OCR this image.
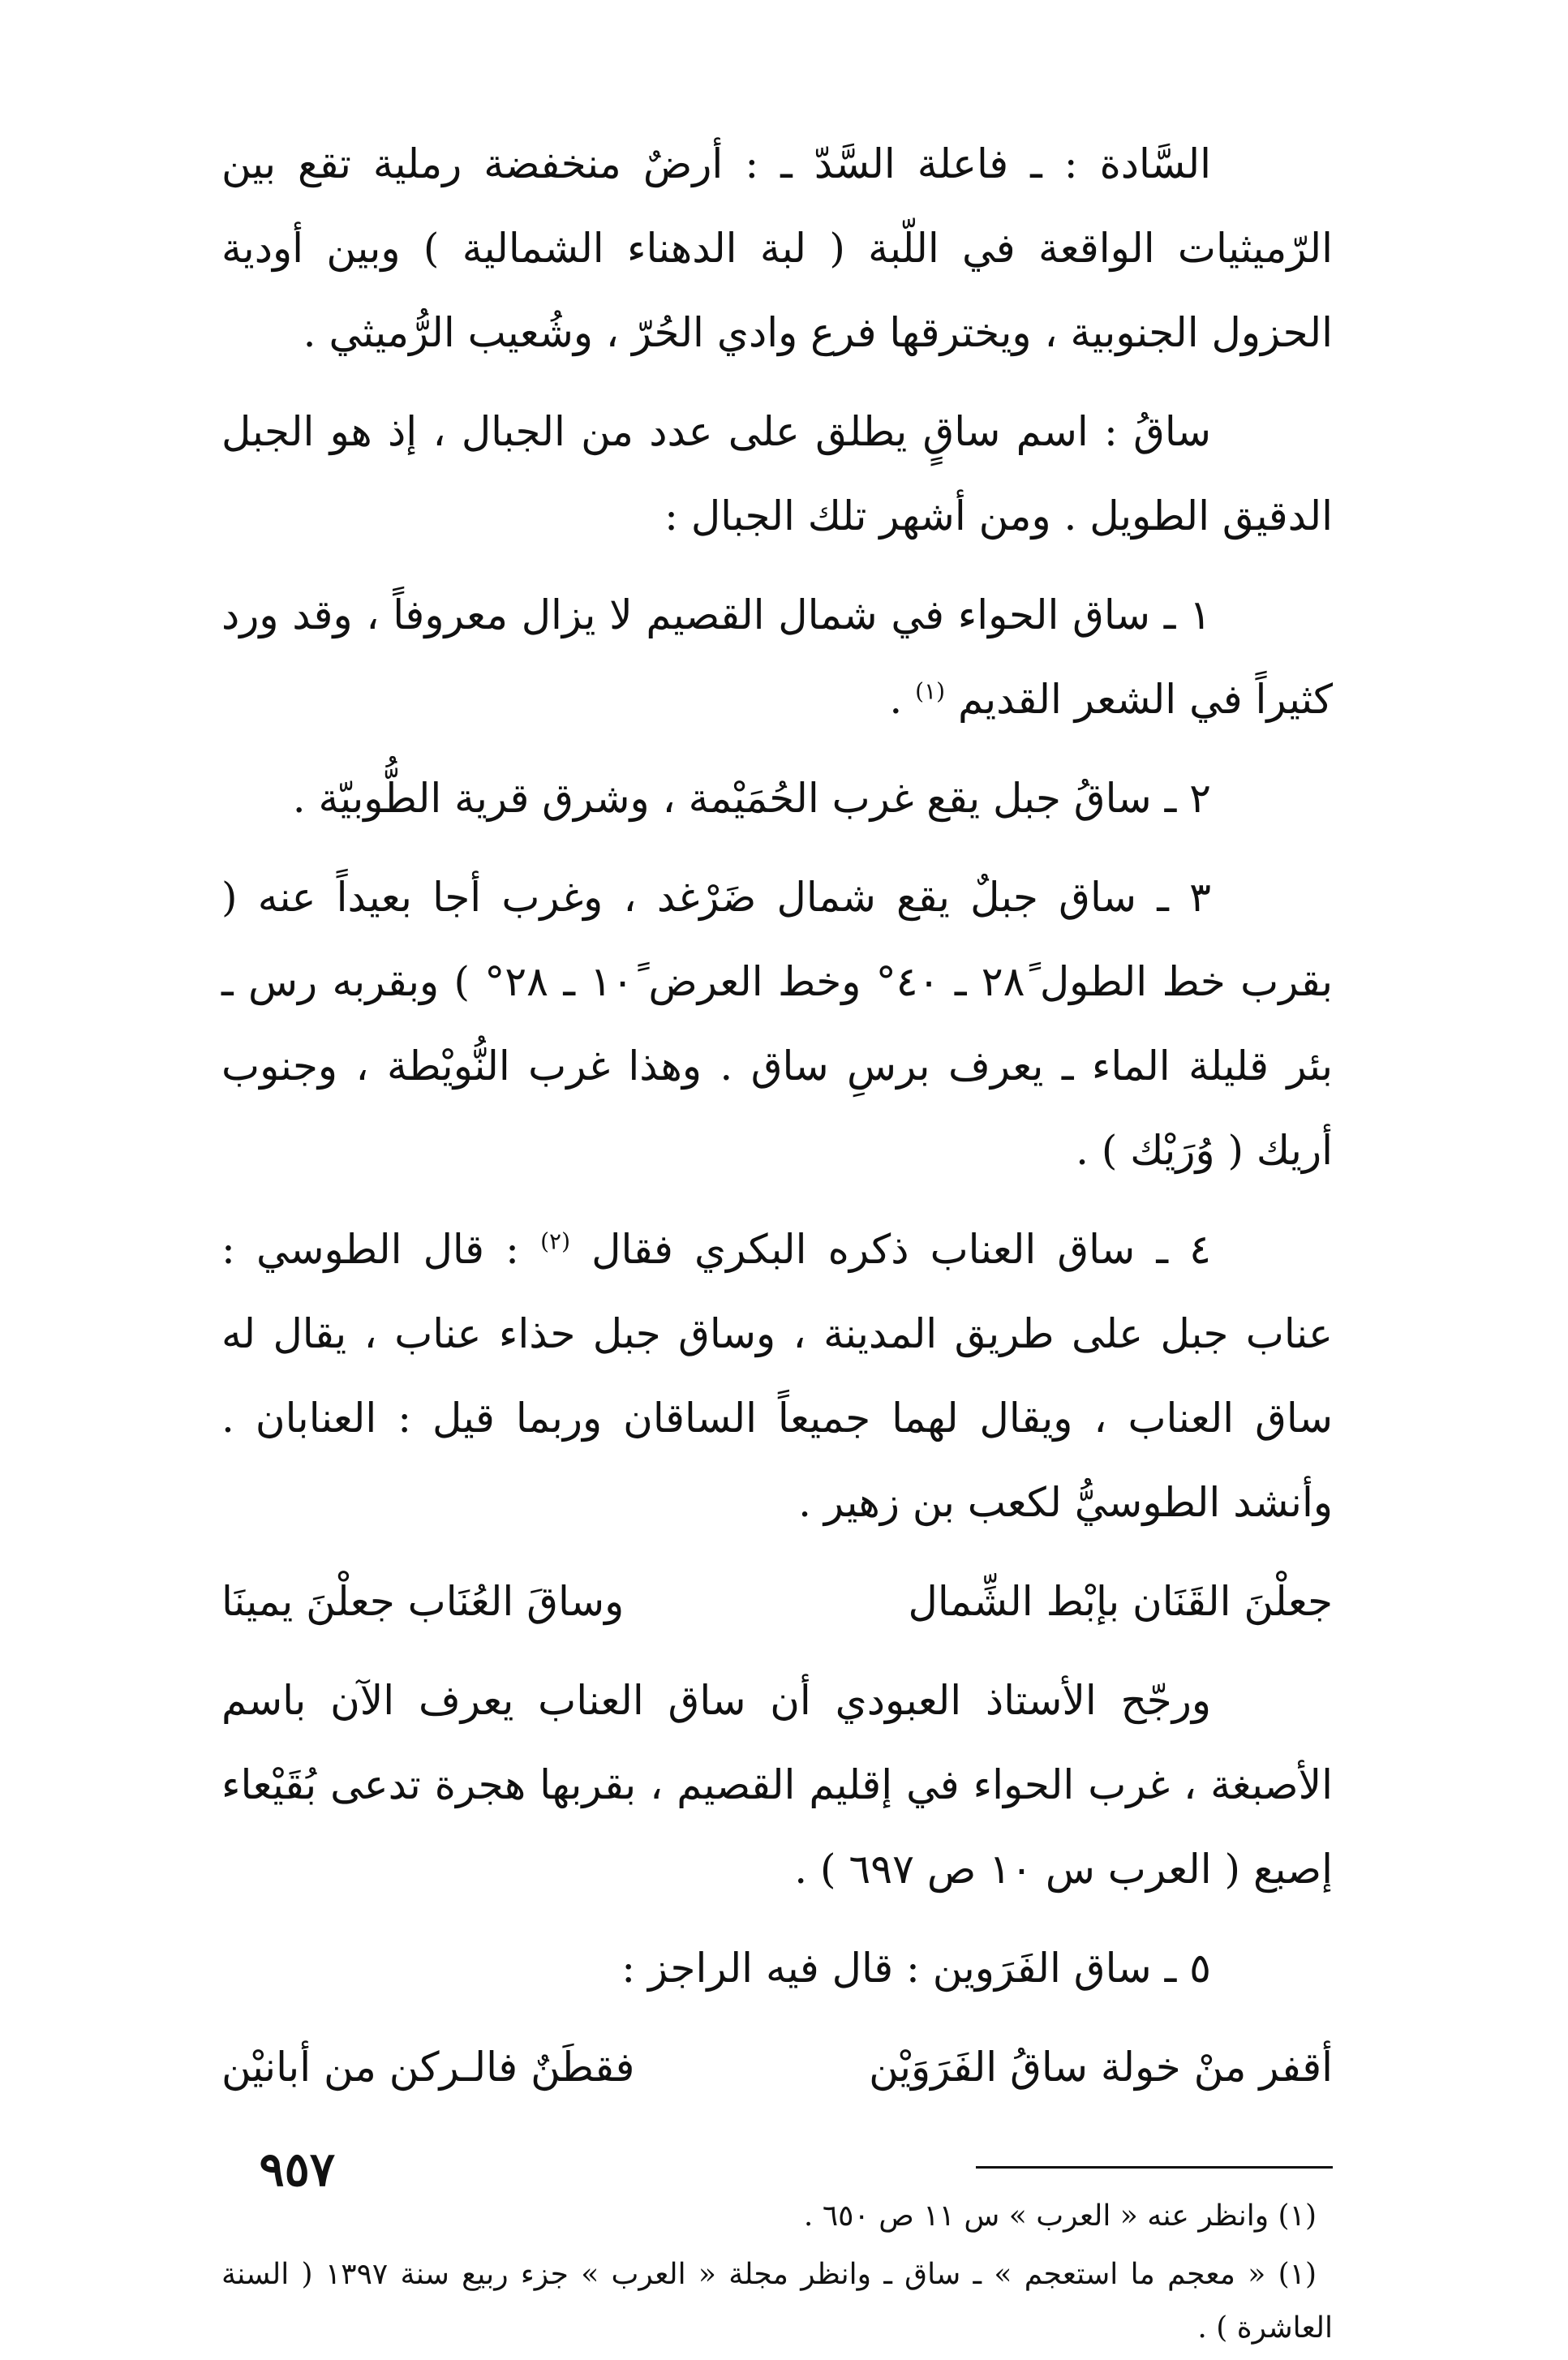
السَّادة : ـ فاعلة السَّدّ ـ : أرضٌ منخفضة رملية تقع بين الرّميثيات الواقعة في اللّبة ( لبة الدهناء الشمالية ) وبين أودية الحزول الجنوبية ، ويخترقها فرع وادي الحُرّ ، وشُعيب الرُّميثي .

ساقُ : اسم ساقٍ يطلق على عدد من الجبال ، إذ هو الجبل الدقيق الطويل . ومن أشهر تلك الجبال :

١ ـ ساق الحواء في شمال القصيم لا يزال معروفاً ، وقد ورد كثيراً في الشعر القديم $^{(١)}$ .

٢ ـ ساقُ جبل يقع غرب الحُمَيْمة ، وشرق قرية الطُّوبيّة .

٣ ـ ساق جبلٌ يقع شمال ضَرْغد ، وغرب أجا بعيداً عنه ( بقرب خط الطول ٢٨ً ـ ٤٠° وخط العرض ١٠ً ـ ٢٨° ) وبقربه رس ـ بئر قليلة الماء ـ يعرف برسِ ساق . وهذا غرب النُّويْطة ، وجنوب أريك ( وُرَيْك ) .

٤ ـ ساق العناب ذكره البكري فقال $^{(٢)}$ : قال الطوسي : عناب جبل على طريق المدينة ، وساق جبل حذاء عناب ، يقال له ساق العناب ، ويقال لهما جميعاً الساقان وربما قيل : العنابان . وأنشد الطوسيُّ لكعب بن زهير .

جعلْنَ القَنَان بإبْط الشِّمال
وساقَ العُنَاب جعلْنَ يمينَا

ورجّح الأستاذ العبودي أن ساق العناب يعرف الآن باسم الأصبغة ، غرب الحواء في إقليم القصيم ، بقربها هجرة تدعى بُقَيْعاء إصبع ( العرب س ١٠ ص ٦٩٧ ) .

٥ ـ ساق الفَرَوين : قال فيه الراجز :

أقفر منْ خولة ساقُ الفَرَوَيْن
فقطَنٌ فالـركن من أبانيْن

(١) وانظر عنه « العرب » س ١١ ص ٦٥٠ .

(١) « معجم ما استعجم » ـ ساق ـ وانظر مجلة « العرب » جزء ربيع سنة ١٣٩٧ ( السنة العاشرة ) .

٩٥٧
